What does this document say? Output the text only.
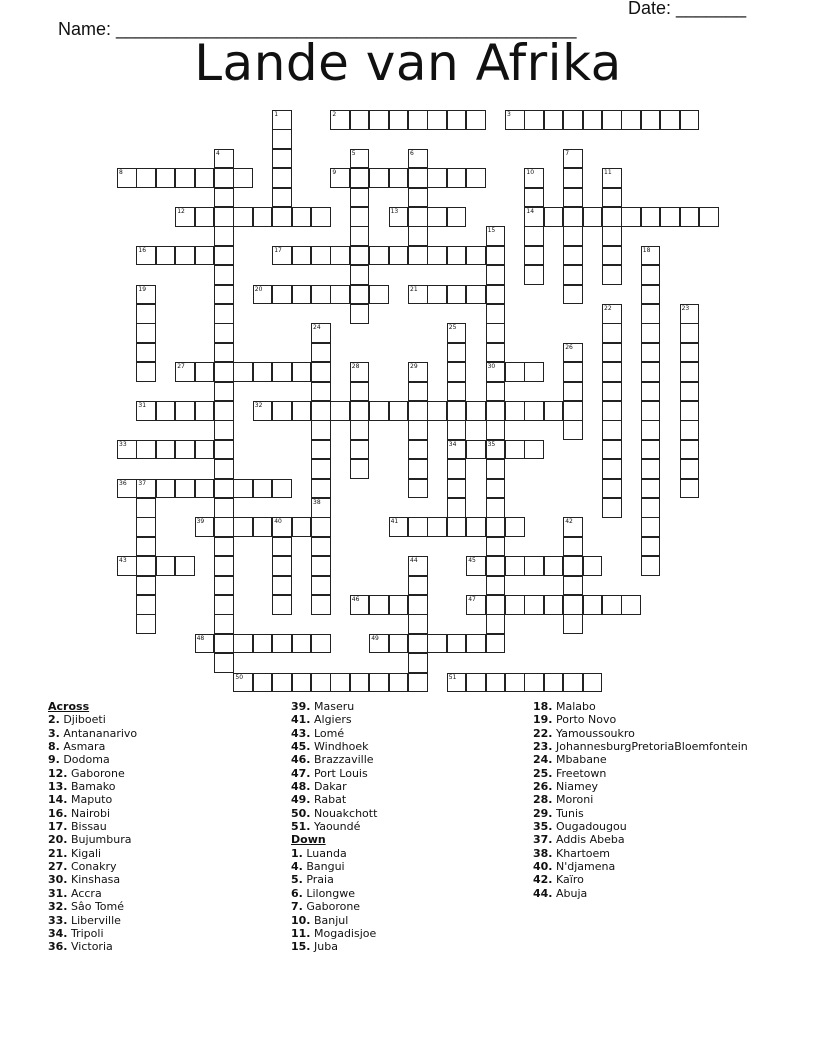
Name: ______________________________________________

Date: _______

Lande van Afrika
1	2	3
4	5	6	7
8	9	10
14
11
12	13
15
30
35
16	17	18
19	20	21
22	23
24	25
34
26
27	28	29
31	32
33
36 37
38
39	40	41	42
43	44	45
46	47
48	49
50	51
Across
2. Djiboeti
3. Antananarivo
8. Asmara
9. Dodoma
12. Gaborone
13. Bamako
14. Maputo
16. Nairobi
17. Bissau
20. Bujumbura
21. Kigali
27. Conakry
30. Kinshasa
31. Accra
32. Sâo Tomé
33. Liberville
34. Tripoli
36. Victoria
39. Maseru
41. Algiers
43. Lomé
45. Windhoek
46. Brazzaville
47. Port Louis
48. Dakar
49. Rabat
50. Nouakchott
51. Yaoundé
Down
1. Luanda
4. Bangui
5. Praia
6. Lilongwe
7. Gaborone
10. Banjul
11. Mogadisjoe
15. Juba
18. Malabo
19. Porto Novo
22. Yamoussoukro
23. JohannesburgPretoriaBloemfontein
24. Mbabane
25. Freetown
26. Niamey
28. Moroni
29. Tunis
35. Ougadougou
37. Addis Abeba
38. Khartoem
40. N'djamena
42. Kaïro
44. Abuja
